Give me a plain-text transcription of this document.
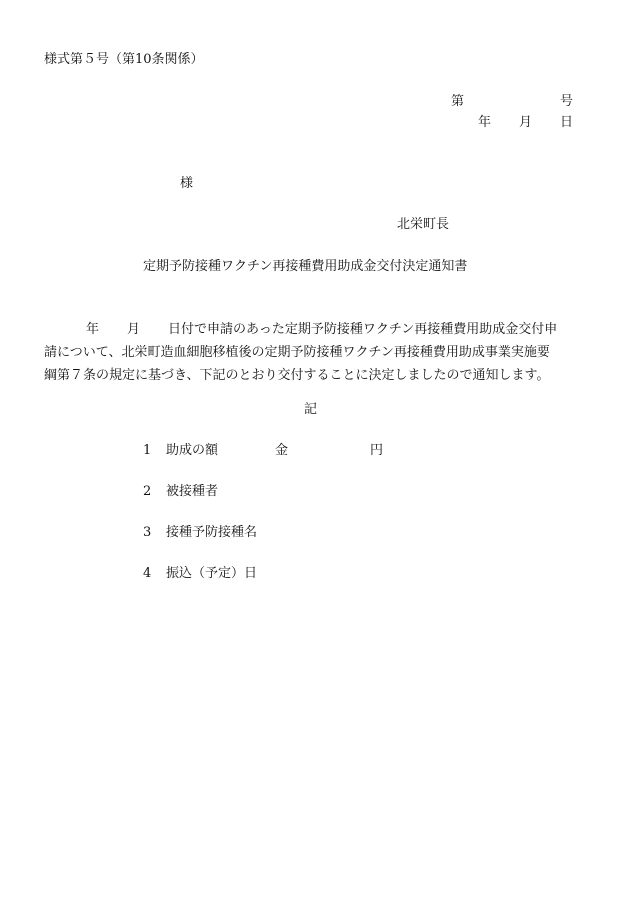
様式第５号（第10条関係）
第	号
年 月 日
様
北栄町長
定期予防接種ワクチン再接種費用助成金交付決定通知書
年 月 日付で申請のあった定期予防接種ワクチン再接種費用助成金交付申
請について、北栄町造血細胞移植後の定期予防接種ワクチン再接種費用助成事業実施要
綱第７条の規定に基づき、下記のとおり交付することに決定しましたので通知します。
記
1 助成の額	金	円
2 被接種者
3 接種予防接種名
4 振込（予定）日
